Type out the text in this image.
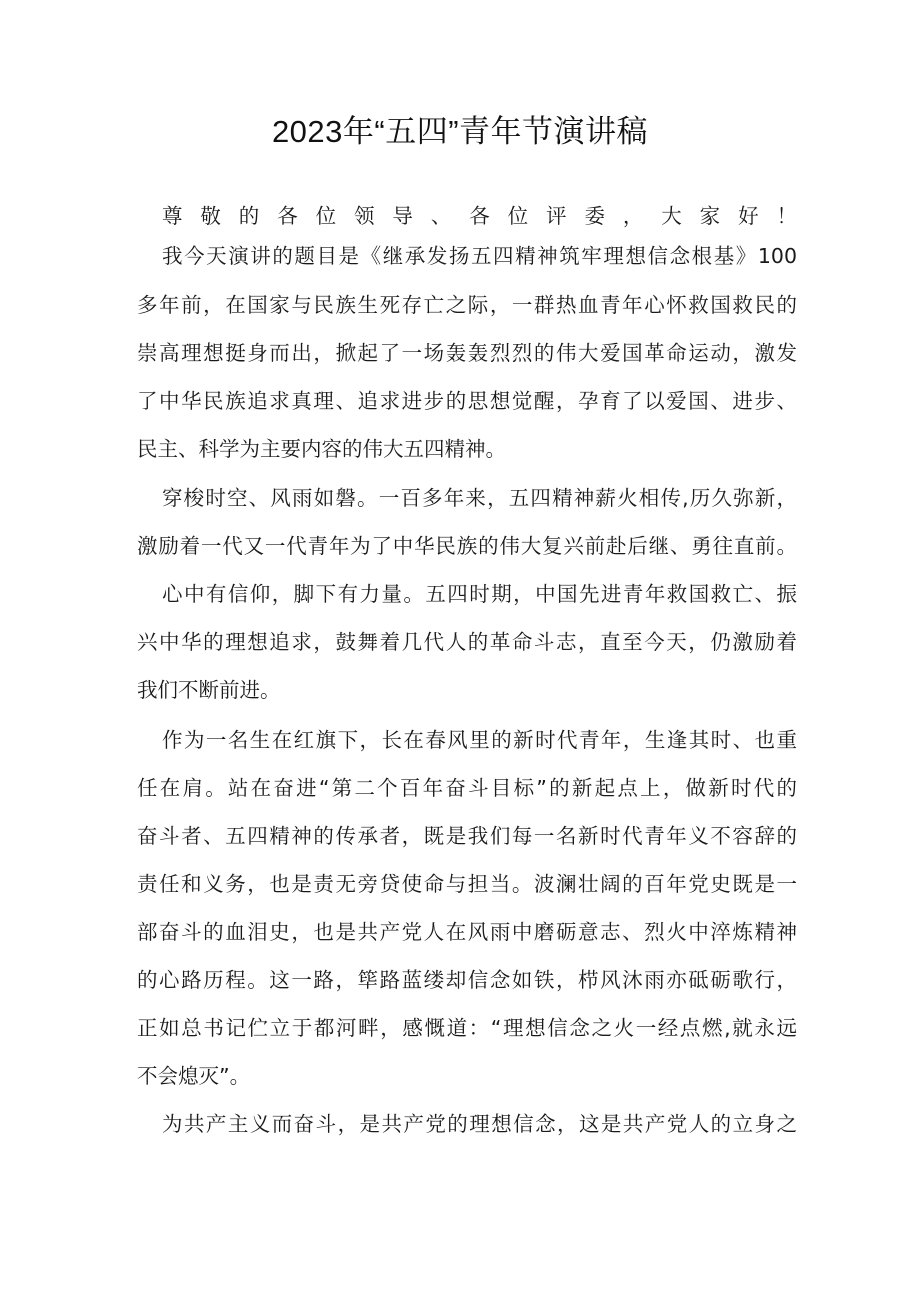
2023年“五四”青年节演讲稿
尊敬的各位领导、各位评委，大家好！
我今天演讲的题目是《继承发扬五四精神筑牢理想信念根基》100
多年前，在国家与民族生死存亡之际，一群热血青年心怀救国救民的
崇高理想挺身而出，掀起了一场轰轰烈烈的伟大爱国革命运动，激发
了中华民族追求真理、追求进步的思想觉醒，孕育了以爱国、进步、
民主、科学为主要内容的伟大五四精神。
穿梭时空、风雨如磐。一百多年来，五四精神薪火相传,历久弥新，
激励着一代又一代青年为了中华民族的伟大复兴前赴后继、勇往直前。
心中有信仰，脚下有力量。五四时期，中国先进青年救国救亡、振
兴中华的理想追求，鼓舞着几代人的革命斗志，直至今天，仍激励着
我们不断前进。
作为一名生在红旗下，长在春风里的新时代青年，生逢其时、也重
任在肩。站在奋进“第二个百年奋斗目标”的新起点上，做新时代的
奋斗者、五四精神的传承者，既是我们每一名新时代青年义不容辞的
责任和义务，也是责无旁贷使命与担当。波澜壮阔的百年党史既是一
部奋斗的血泪史，也是共产党人在风雨中磨砺意志、烈火中淬炼精神
的心路历程。这一路，筚路蓝缕却信念如铁，栉风沐雨亦砥砺歌行，
正如总书记伫立于都河畔，感慨道：“理想信念之火一经点燃,就永远
不会熄灭”。
为共产主义而奋斗，是共产党的理想信念，这是共产党人的立身之
